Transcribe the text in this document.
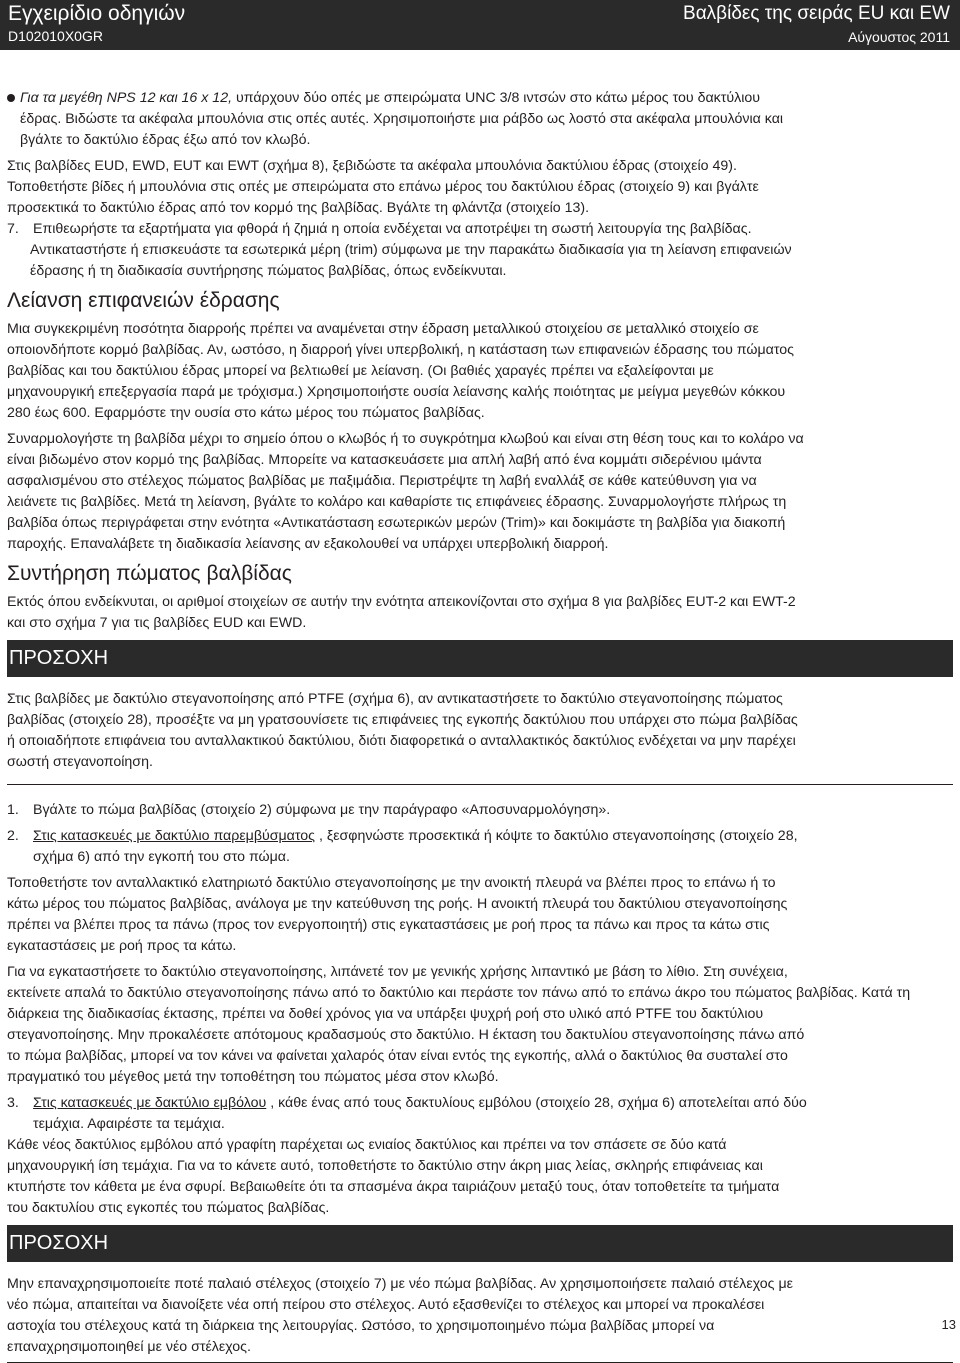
Εγχειρίδιο οδηγιών
D102010X0GR
Βαλβίδες της σειράς EU και EW
Αύγουστος 2011

Για τα μεγέθη NPS 12 και 16 x 12, υπάρχουν δύο οπές με σπειρώματα UNC 3/8 ιντσών στο κάτω μέρος του δακτύλιου

έδρας. Βιδώστε τα ακέφαλα μπουλόνια στις οπές αυτές. Χρησιμοποιήστε μια ράβδο ως λοστό στα ακέφαλα μπουλόνια και

βγάλτε το δακτύλιο έδρας έξω από τον κλωβό.

Στις βαλβίδες EUD, EWD, EUT και EWT (σχήμα 8), ξεβιδώστε τα ακέφαλα μπουλόνια δακτύλιου έδρας (στοιχείο 49).

Τοποθετήστε βίδες ή μπουλόνια στις οπές με σπειρώματα στο επάνω μέρος του δακτύλιου έδρας (στοιχείο 9) και βγάλτε

προσεκτικά το δακτύλιο έδρας από τον κορμό της βαλβίδας. Βγάλτε τη φλάντζα (στοιχείο 13).

7. Επιθεωρήστε τα εξαρτήματα για φθορά ή ζημιά η οποία ενδέχεται να αποτρέψει τη σωστή λειτουργία της βαλβίδας.

Αντικαταστήστε ή επισκευάστε τα εσωτερικά μέρη (trim) σύμφωνα με την παρακάτω διαδικασία για τη λείανση επιφανειών

έδρασης ή τη διαδικασία συντήρησης πώματος βαλβίδας, όπως ενδείκνυται.

Λείανση επιφανειών έδρασης

Μια συγκεκριμένη ποσότητα διαρροής πρέπει να αναμένεται στην έδραση μεταλλικού στοιχείου σε μεταλλικό στοιχείο σε

οποιονδήποτε κορμό βαλβίδας. Αν, ωστόσο, η διαρροή γίνει υπερβολική, η κατάσταση των επιφανειών έδρασης του πώματος

βαλβίδας και του δακτύλιου έδρας μπορεί να βελτιωθεί με λείανση. (Οι βαθιές χαραγές πρέπει να εξαλείφονται με

μηχανουργική επεξεργασία παρά με τρόχισμα.) Χρησιμοποιήστε ουσία λείανσης καλής ποιότητας με μείγμα μεγεθών κόκκου

280 έως 600. Εφαρμόστε την ουσία στο κάτω μέρος του πώματος βαλβίδας.

Συναρμολογήστε τη βαλβίδα μέχρι το σημείο όπου ο κλωβός ή το συγκρότημα κλωβού και είναι στη θέση τους και το κολάρο να

είναι βιδωμένο στον κορμό της βαλβίδας. Μπορείτε να κατασκευάσετε μια απλή λαβή από ένα κομμάτι σιδερένιου ιμάντα

ασφαλισμένου στο στέλεχος πώματος βαλβίδας με παξιμάδια. Περιστρέψτε τη λαβή εναλλάξ σε κάθε κατεύθυνση για να

λειάνετε τις βαλβίδες. Μετά τη λείανση, βγάλτε το κολάρο και καθαρίστε τις επιφάνειες έδρασης. Συναρμολογήστε πλήρως τη

βαλβίδα όπως περιγράφεται στην ενότητα «Αντικατάσταση εσωτερικών μερών (Trim)» και δοκιμάστε τη βαλβίδα για διακοπή

παροχής. Επαναλάβετε τη διαδικασία λείανσης αν εξακολουθεί να υπάρχει υπερβολική διαρροή.

Συντήρηση πώματος βαλβίδας

Εκτός όπου ενδείκνυται, οι αριθμοί στοιχείων σε αυτήν την ενότητα απεικονίζονται στο σχήμα 8 για βαλβίδες EUT-2 και EWT-2

και στο σχήμα 7 για τις βαλβίδες EUD και EWD.

ΠΡΟΣΟΧΗ

Στις βαλβίδες με δακτύλιο στεγανοποίησης από PTFE (σχήμα 6), αν αντικαταστήσετε το δακτύλιο στεγανοποίησης πώματος

βαλβίδας (στοιχείο 28), προσέξτε να μη γρατσουνίσετε τις επιφάνειες της εγκοπής δακτύλιου που υπάρχει στο πώμα βαλβίδας

ή οποιαδήποτε επιφάνεια του ανταλλακτικού δακτύλιου, διότι διαφορετικά ο ανταλλακτικός δακτύλιος ενδέχεται να μην παρέχει

σωστή στεγανοποίηση.

1. Βγάλτε το πώμα βαλβίδας (στοιχείο 2) σύμφωνα με την παράγραφο «Αποσυναρμολόγηση».

2. Στις κατασκευές με δακτύλιο παρεμβύσματος , ξεσφηνώστε προσεκτικά ή κόψτε το δακτύλιο στεγανοποίησης (στοιχείο 28,

σχήμα 6) από την εγκοπή του στο πώμα.

Τοποθετήστε τον ανταλλακτικό ελατηριωτό δακτύλιο στεγανοποίησης με την ανοικτή πλευρά να βλέπει προς το επάνω ή το

κάτω μέρος του πώματος βαλβίδας, ανάλογα με την κατεύθυνση της ροής. Η ανοικτή πλευρά του δακτύλιου στεγανοποίησης

πρέπει να βλέπει προς τα πάνω (προς τον ενεργοποιητή) στις εγκαταστάσεις με ροή προς τα πάνω και προς τα κάτω στις

εγκαταστάσεις με ροή προς τα κάτω.

Για να εγκαταστήσετε το δακτύλιο στεγανοποίησης, λιπάνετέ τον με γενικής χρήσης λιπαντικό με βάση το λίθιο. Στη συνέχεια,

εκτείνετε απαλά το δακτύλιο στεγανοποίησης πάνω από το δακτύλιο και περάστε τον πάνω από το επάνω άκρο του πώματος βαλβίδας. Κατά τη

διάρκεια της διαδικασίας έκτασης, πρέπει να δοθεί χρόνος για να υπάρξει ψυχρή ροή στο υλικό από PTFE του δακτύλιου

στεγανοποίησης. Μην προκαλέσετε απότομους κραδασμούς στο δακτύλιο. Η έκταση του δακτυλίου στεγανοποίησης πάνω από

το πώμα βαλβίδας, μπορεί να τον κάνει να φαίνεται χαλαρός όταν είναι εντός της εγκοπής, αλλά ο δακτύλιος θα συσταλεί στο

πραγματικό του μέγεθος μετά την τοποθέτηση του πώματος μέσα στον κλωβό.

3. Στις κατασκευές με δακτύλιο εμβόλου , κάθε ένας από τους δακτυλίους εμβόλου (στοιχείο 28, σχήμα 6) αποτελείται από δύο

τεμάχια. Αφαιρέστε τα τεμάχια.

Κάθε νέος δακτύλιος εμβόλου από γραφίτη παρέχεται ως ενιαίος δακτύλιος και πρέπει να τον σπάσετε σε δύο κατά

μηχανουργική ίση τεμάχια. Για να το κάνετε αυτό, τοποθετήστε το δακτύλιο στην άκρη μιας λείας, σκληρής επιφάνειας και

κτυπήστε τον κάθετα με ένα σφυρί. Βεβαιωθείτε ότι τα σπασμένα άκρα ταιριάζουν μεταξύ τους, όταν τοποθετείτε τα τμήματα

του δακτυλίου στις εγκοπές του πώματος βαλβίδας.

ΠΡΟΣΟΧΗ

Μην επαναχρησιμοποιείτε ποτέ παλαιό στέλεχος (στοιχείο 7) με νέο πώμα βαλβίδας. Αν χρησιμοποιήσετε παλαιό στέλεχος με

νέο πώμα, απαιτείται να διανοίξετε νέα οπή πείρου στο στέλεχος. Αυτό εξασθενίζει το στέλεχος και μπορεί να προκαλέσει

αστοχία του στέλεχους κατά τη διάρκεια της λειτουργίας. Ωστόσο, το χρησιμοποιημένο πώμα βαλβίδας μπορεί να

επαναχρησιμοποιηθεί με νέο στέλεχος.

13
